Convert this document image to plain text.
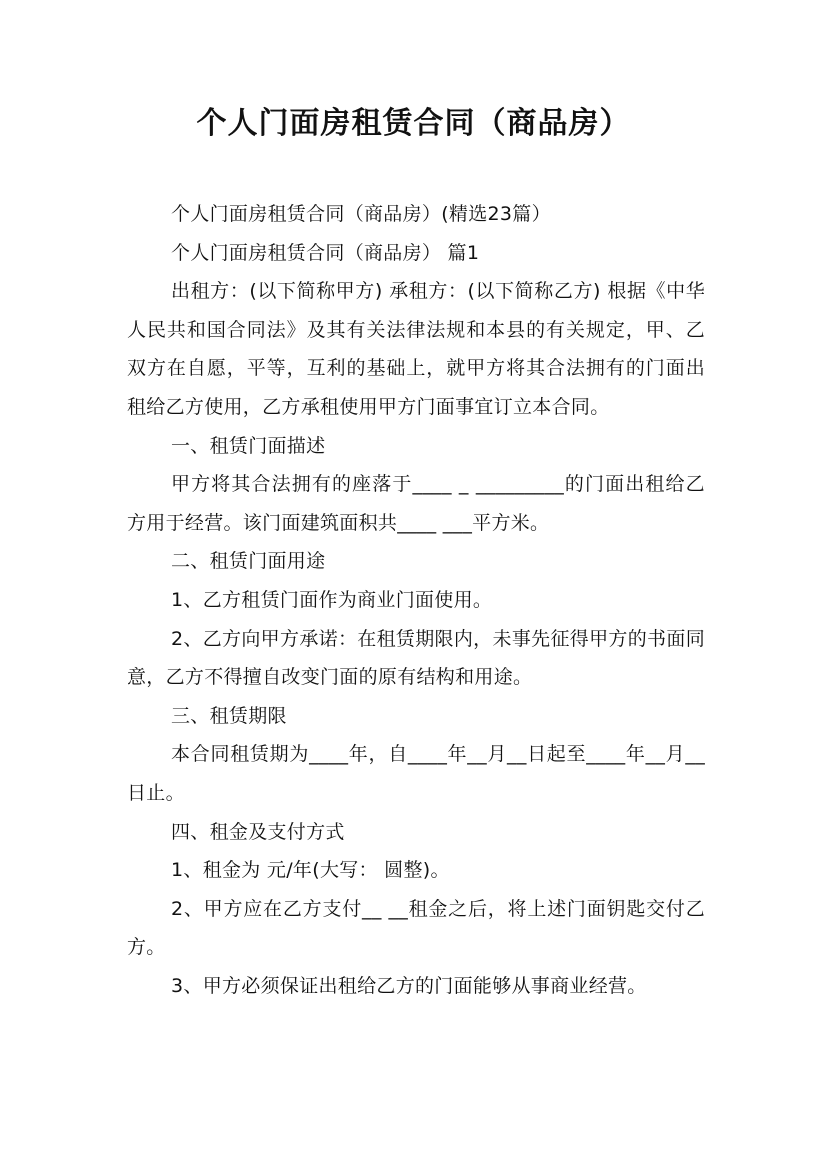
个人门面房租赁合同（商品房）

个人门面房租赁合同（商品房）(精选23篇）

个人门面房租赁合同（商品房） 篇1

出租方：(以下简称甲方) 承租方：(以下简称乙方) 根据《中华人民共和国合同法》及其有关法律法规和本县的有关规定，甲、乙双方在自愿，平等，互利的基础上，就甲方将其合法拥有的门面出租给乙方使用，乙方承租使用甲方门面事宜订立本合同。

一、租赁门面描述

甲方将其合法拥有的座落于____ _ _________的门面出租给乙方用于经营。该门面建筑面积共____ ___平方米。

二、租赁门面用途

1、乙方租赁门面作为商业门面使用。

2、乙方向甲方承诺：在租赁期限内，未事先征得甲方的书面同意，乙方不得擅自改变门面的原有结构和用途。

三、租赁期限

本合同租赁期为____年，自____年__月__日起至____年__月__日止。

四、租金及支付方式

1、租金为 元/年(大写： 圆整)。

2、甲方应在乙方支付__ __租金之后，将上述门面钥匙交付乙方。

3、甲方必须保证出租给乙方的门面能够从事商业经营。
